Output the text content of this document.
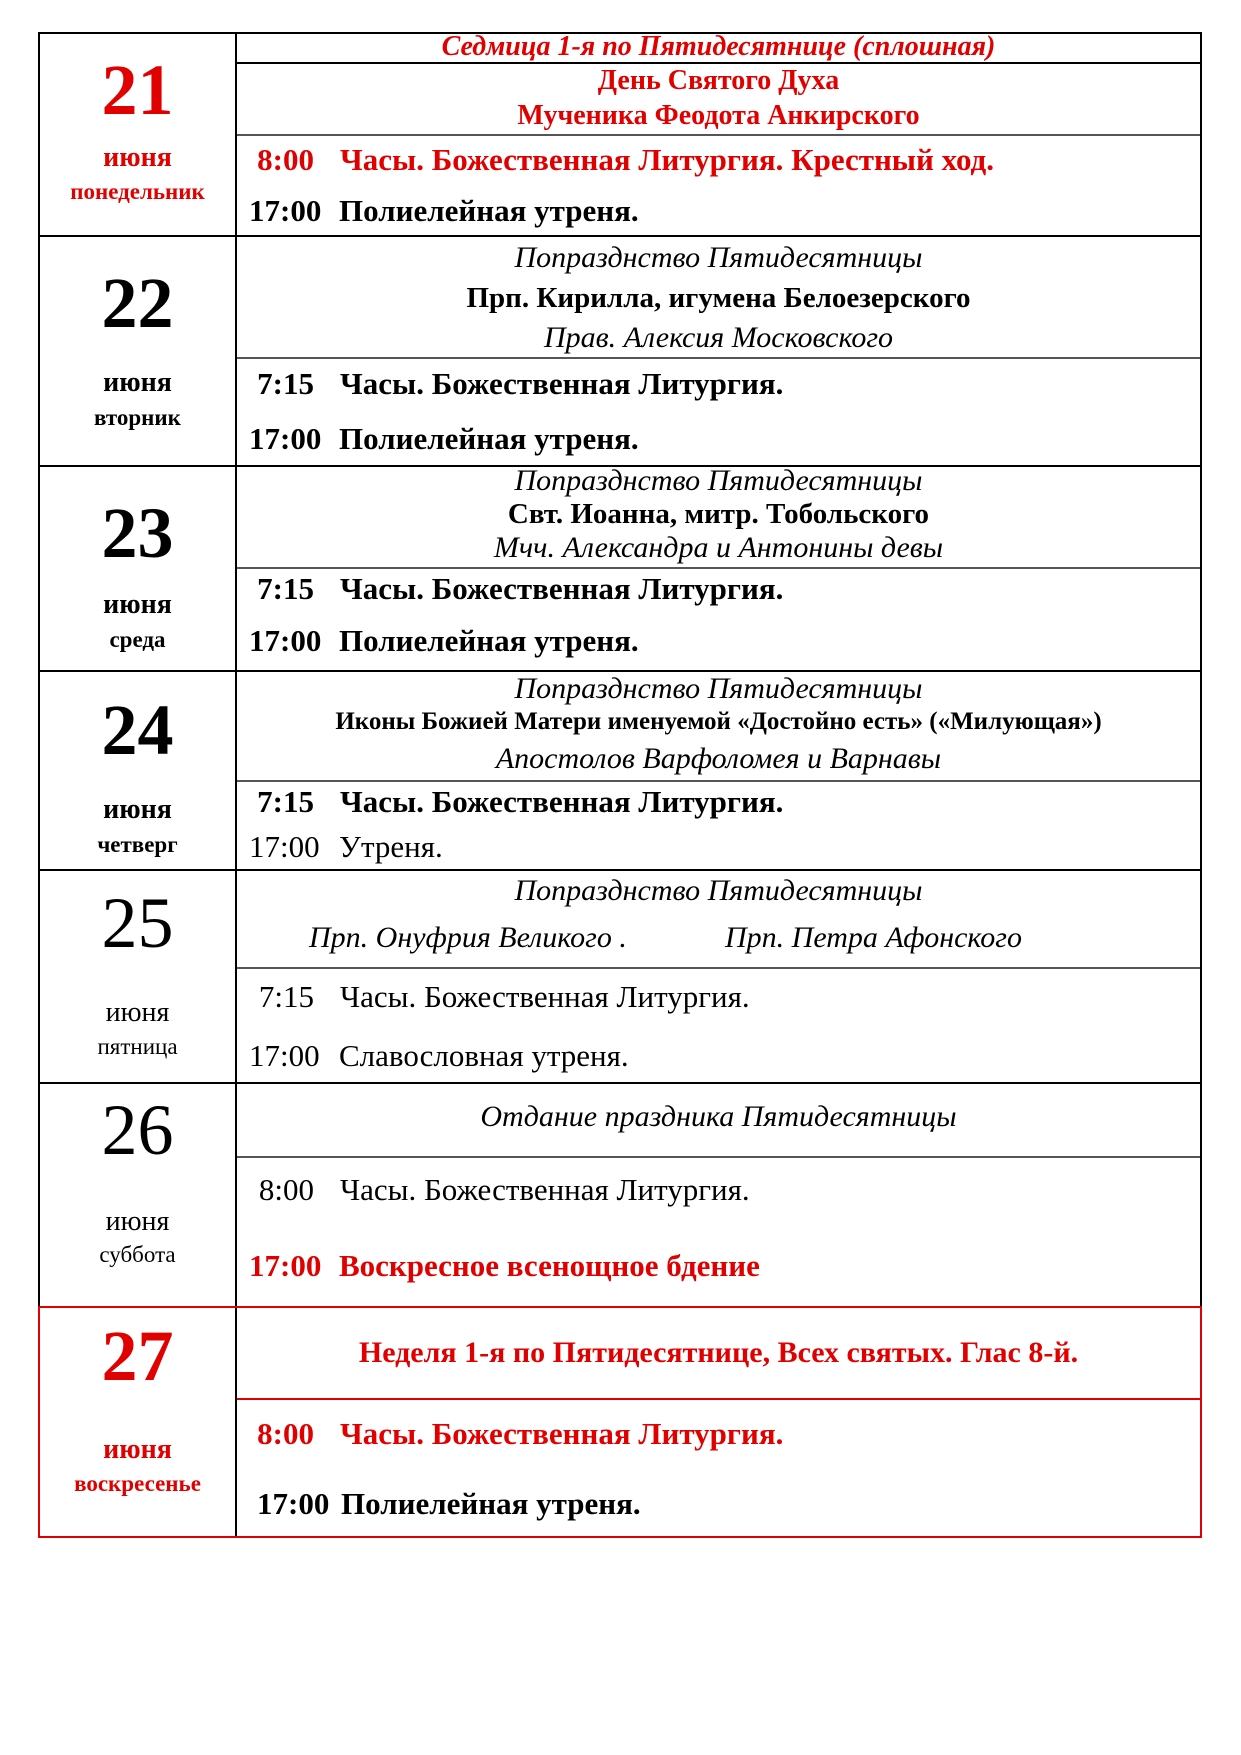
21
июня
понедельник
Седмица 1-я по Пятидесятнице (сплошная)
День Святого Духа
Мученика Феодота Анкирского
8:00 Часы. Божественная Литургия. Крестный ход.
17:00 Полиелейная утреня.
22
июня
вторник
Попразднство Пятидесятницы
Прп. Кирилла, игумена Белоезерского
Прав. Алексия Московского
7:15 Часы. Божественная Литургия.
17:00 Полиелейная утреня.
23
июня
среда
Попразднство Пятидесятницы
Свт. Иоанна, митр. Тобольского
Мчч. Александра и Антонины девы
7:15 Часы. Божественная Литургия.
17:00 Полиелейная утреня.
24
июня
четверг
Попразднство Пятидесятницы
Иконы Божией Матери именуемой «Достойно есть» («Милующая»)
Апостолов Варфоломея и Варнавы
7:15 Часы. Божественная Литургия.
17:00 Утреня.
25
июня
пятница
Попразднство Пятидесятницы
Прп. Онуфрия Великого .	Прп. Петра Афонского
7:15 Часы. Божественная Литургия.
17:00 Славословная утреня.
26
июня
суббота
Отдание праздника Пятидесятницы
8:00 Часы. Божественная Литургия.
17:00 Воскресное всенощное бдение
27
июня
воскресенье
Неделя 1-я по Пятидесятнице, Всех святых. Глас 8-й.
8:00 Часы. Божественная Литургия.
17:00 Полиелейная утреня.
